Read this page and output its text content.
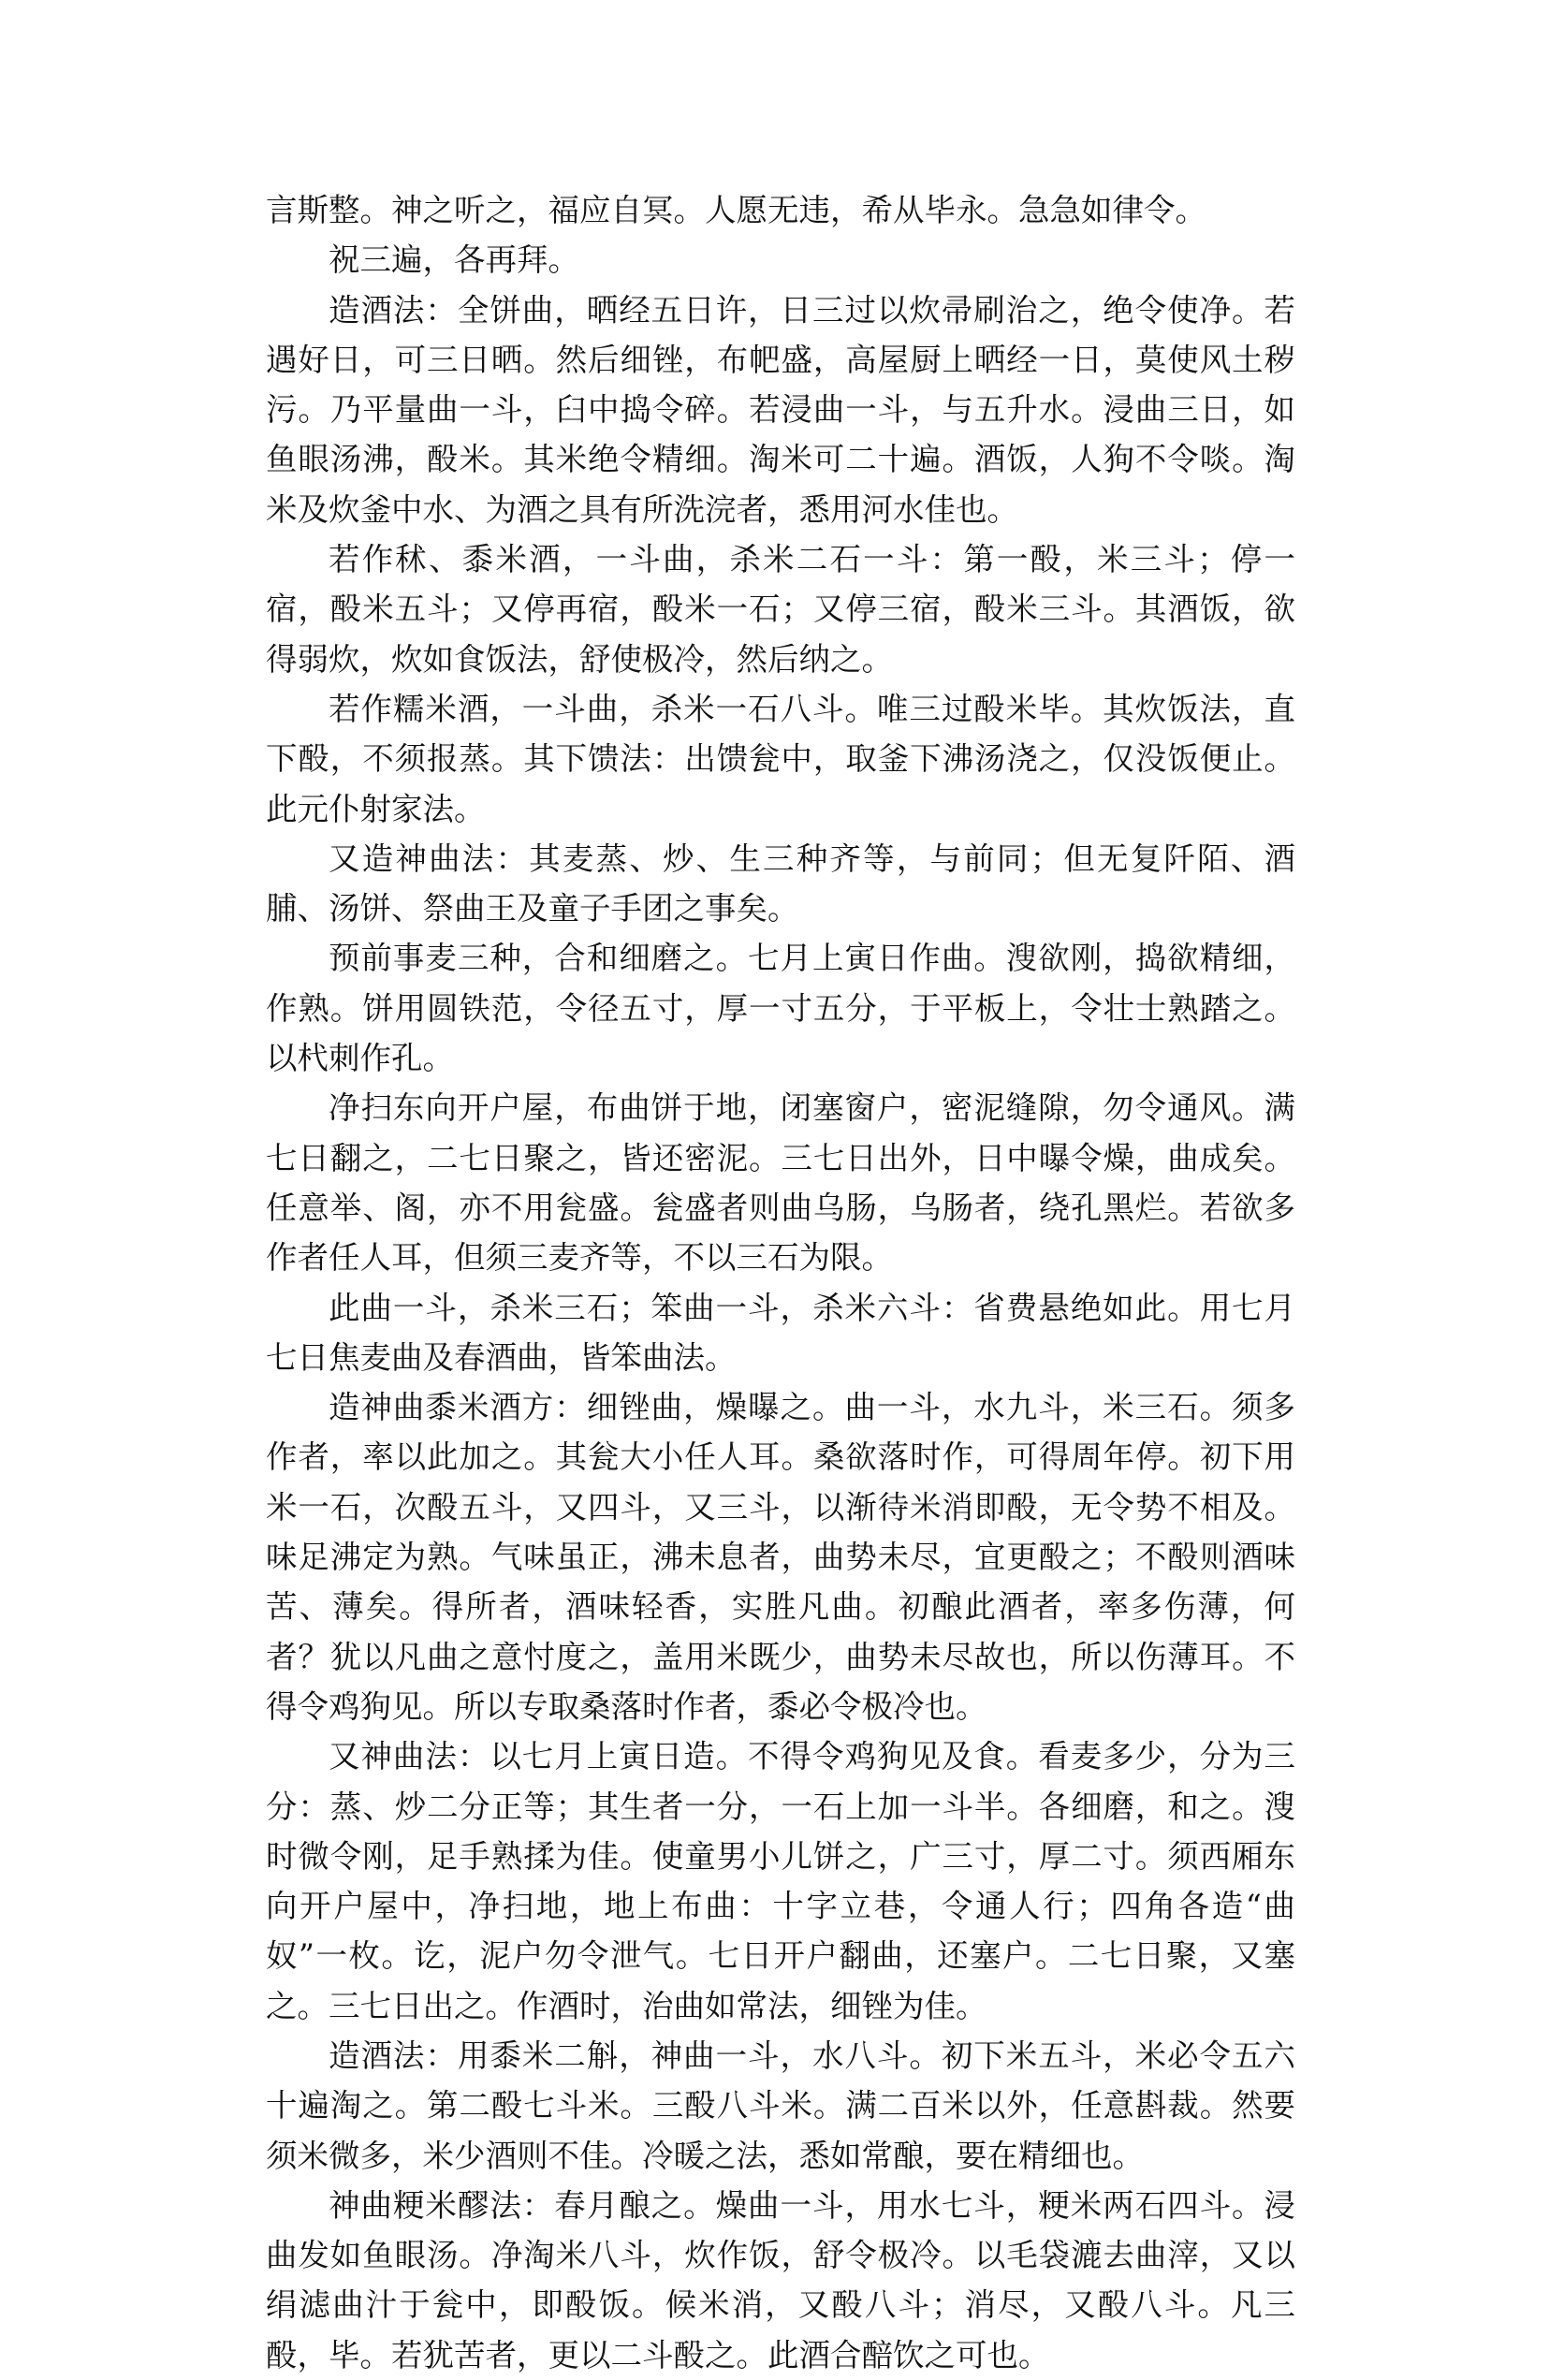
言斯整。神之听之，福应自冥。人愿无违，希从毕永。急急如律令。

祝三遍，各再拜。

造酒法：全饼曲，晒经五日许，日三过以炊帚刷治之，绝令使净。若遇好日，可三日晒。然后细锉，布帊盛，高屋厨上晒经一日，莫使风土秽污。乃平量曲一斗，臼中捣令碎。若浸曲一斗，与五升水。浸曲三日，如鱼眼汤沸，酘米。其米绝令精细。淘米可二十遍。酒饭，人狗不令啖。淘米及炊釜中水、为酒之具有所洗浣者，悉用河水佳也。

若作秫、黍米酒，一斗曲，杀米二石一斗：第一酘，米三斗；停一宿，酘米五斗；又停再宿，酘米一石；又停三宿，酘米三斗。其酒饭，欲得弱炊，炊如食饭法，舒使极冷，然后纳之。

若作糯米酒，一斗曲，杀米一石八斗。唯三过酘米毕。其炊饭法，直下酘，不须报蒸。其下馈法：出馈瓮中，取釜下沸汤浇之，仅没饭便止。此元仆射家法。

又造神曲法：其麦蒸、炒、生三种齐等，与前同；但无复阡陌、酒脯、汤饼、祭曲王及童子手团之事矣。

预前事麦三种，合和细磨之。七月上寅日作曲。溲欲刚，捣欲精细，作熟。饼用圆铁范，令径五寸，厚一寸五分，于平板上，令壮士熟踏之。以杙刺作孔。

净扫东向开户屋，布曲饼于地，闭塞窗户，密泥缝隙，勿令通风。满七日翻之，二七日聚之，皆还密泥。三七日出外，日中曝令燥，曲成矣。任意举、阁，亦不用瓮盛。瓮盛者则曲乌肠，乌肠者，绕孔黑烂。若欲多作者任人耳，但须三麦齐等，不以三石为限。

此曲一斗，杀米三石；笨曲一斗，杀米六斗：省费悬绝如此。用七月七日焦麦曲及春酒曲，皆笨曲法。

造神曲黍米酒方：细锉曲，燥曝之。曲一斗，水九斗，米三石。须多作者，率以此加之。其瓮大小任人耳。桑欲落时作，可得周年停。初下用米一石，次酘五斗，又四斗，又三斗，以渐待米消即酘，无令势不相及。味足沸定为熟。气味虽正，沸未息者，曲势未尽，宜更酘之；不酘则酒味苦、薄矣。得所者，酒味轻香，实胜凡曲。初酿此酒者，率多伤薄，何者？犹以凡曲之意忖度之，盖用米既少，曲势未尽故也，所以伤薄耳。不得令鸡狗见。所以专取桑落时作者，黍必令极冷也。

又神曲法：以七月上寅日造。不得令鸡狗见及食。看麦多少，分为三分：蒸、炒二分正等；其生者一分，一石上加一斗半。各细磨，和之。溲时微令刚，足手熟揉为佳。使童男小儿饼之，广三寸，厚二寸。须西厢东向开户屋中，净扫地，地上布曲：十字立巷，令通人行；四角各造“曲奴”一枚。讫，泥户勿令泄气。七日开户翻曲，还塞户。二七日聚，又塞之。三七日出之。作酒时，治曲如常法，细锉为佳。

造酒法：用黍米二斛，神曲一斗，水八斗。初下米五斗，米必令五六十遍淘之。第二酘七斗米。三酘八斗米。满二百米以外，任意斟裁。然要须米微多，米少酒则不佳。冷暖之法，悉如常酿，要在精细也。

神曲粳米醪法：春月酿之。燥曲一斗，用水七斗，粳米两石四斗。浸曲发如鱼眼汤。净淘米八斗，炊作饭，舒令极冷。以毛袋漉去曲滓，又以绢滤曲汁于瓮中，即酘饭。候米消，又酘八斗；消尽，又酘八斗。凡三酘，毕。若犹苦者，更以二斗酘之。此酒合醅饮之可也。
